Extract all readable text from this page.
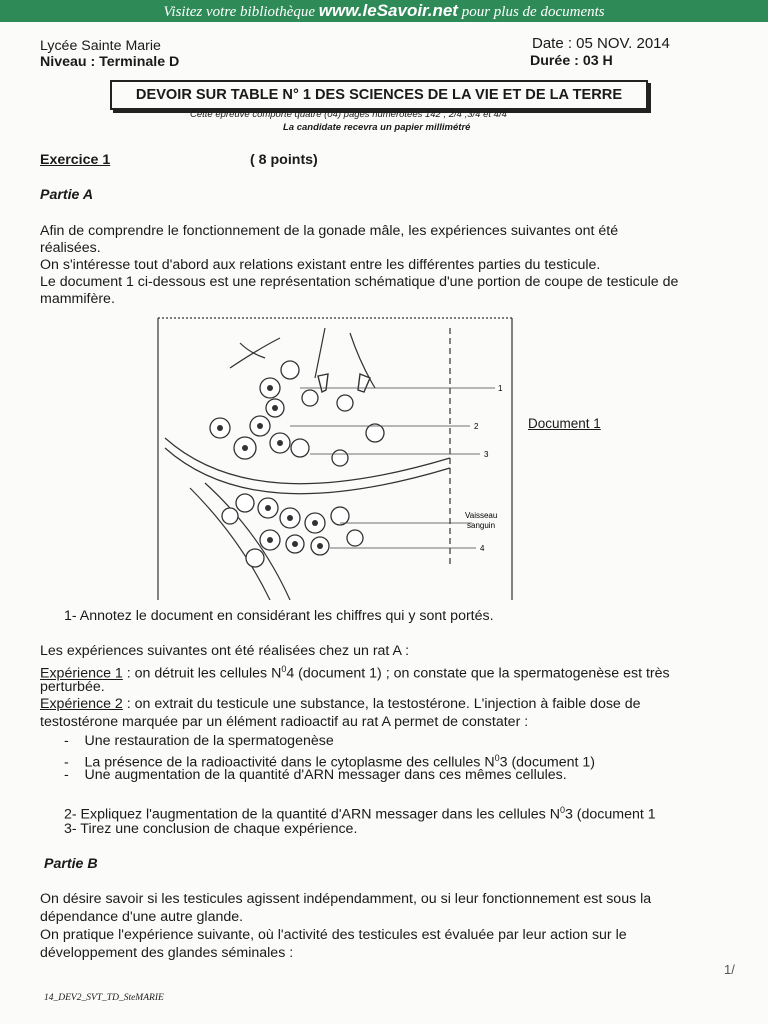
Visitez votre bibliothèque www.leSavoir.net pour plus de documents
Lycée Sainte Marie
Niveau : Terminale D
Date : 05 NOV. 2014
Durée : 03 H
DEVOIR SUR TABLE N° 1 DES SCIENCES DE LA VIE ET DE LA TERRE
Cette épreuve comporte quatre (04) pages numérotées 142 ; 2/4 ;3/4 et 4/4
La candidate recevra un papier millimétré
Exercice 1	( 8 points)
Partie A
Afin de comprendre le fonctionnement de la gonade mâle, les expériences suivantes ont été
réalisées.
On s'intéresse tout d'abord aux relations existant entre les différentes parties du testicule.
Le document 1 ci-dessous est une représentation schématique d'une portion de coupe de testicule de
mammifère.
1
2
3
Vaisseau
sanguin
4
Document 1
1- Annotez le document en considérant les chiffres qui y sont portés.
Les expériences suivantes ont été réalisées chez un rat A :
Expérience 1 : on détruit les cellules $N^04$ (document 1) ; on constate que la spermatogenèse est très
perturbée.
Expérience 2 : on extrait du testicule une substance, la testostérone. L'injection à faible dose de
testostérone marquée par un élément radioactif au rat A permet de constater :
-    Une restauration de la spermatogenèse
-    La présence de la radioactivité dans le cytoplasme des cellules $N^03$ (document 1)
-    Une augmentation de la quantité d'ARN messager dans ces mêmes cellules.
2- Expliquez l'augmentation de la quantité d'ARN messager dans les cellules $N^03$ (document 1
3- Tirez une conclusion de chaque expérience.
Partie B
On désire savoir si les testicules agissent indépendamment, ou si leur fonctionnement est sous la
dépendance d'une autre glande.
On pratique l'expérience suivante, où l'activité des testicules est évaluée par leur action sur le
développement des glandes séminales :
1/
14_DEV2_SVT_TD_SteMARIE
